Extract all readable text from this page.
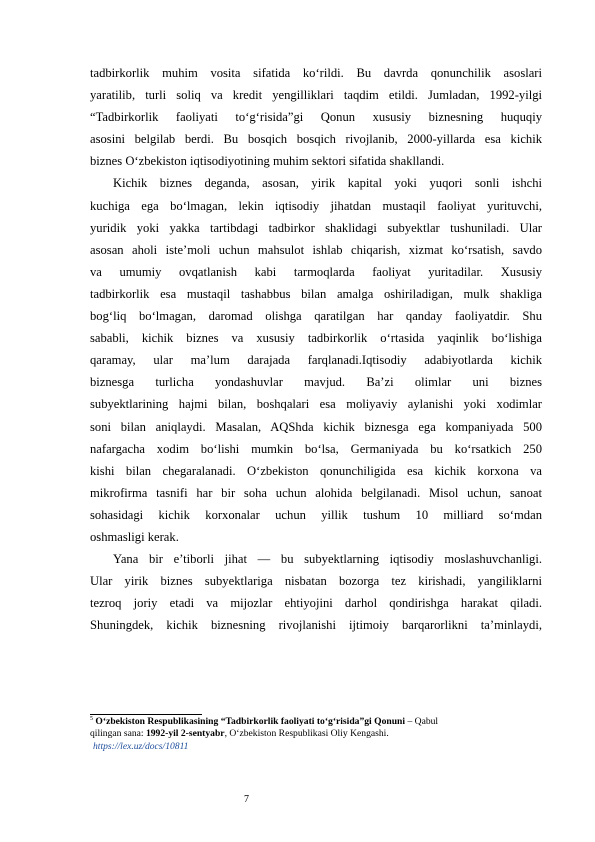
tadbirkorlik muhim vosita sifatida ko‘rildi. Bu davrda qonunchilik asoslari
yaratilib, turli soliq va kredit yengilliklari taqdim etildi. Jumladan, 1992-yilgi
“Tadbirkorlik faoliyati to‘g‘risida”gi Qonun xususiy biznesning huquqiy
asosini belgilab berdi. Bu bosqich bosqich rivojlanib, 2000-yillarda esa kichik
biznes O‘zbekiston iqtisodiyotining muhim sektori sifatida shakllandi.
Kichik biznes deganda, asosan, yirik kapital yoki yuqori sonli ishchi
kuchiga ega bo‘lmagan, lekin iqtisodiy jihatdan mustaqil faoliyat yurituvchi,
yuridik yoki yakka tartibdagi tadbirkor shaklidagi subyektlar tushuniladi. Ular
asosan aholi iste’moli uchun mahsulot ishlab chiqarish, xizmat ko‘rsatish, savdo
va umumiy ovqatlanish kabi tarmoqlarda faoliyat yuritadilar. Xususiy
tadbirkorlik esa mustaqil tashabbus bilan amalga oshiriladigan, mulk shakliga
bog‘liq bo‘lmagan, daromad olishga qaratilgan har qanday faoliyatdir. Shu
sababli, kichik biznes va xususiy tadbirkorlik o‘rtasida yaqinlik bo‘lishiga
qaramay, ular ma’lum darajada farqlanadi.Iqtisodiy adabiyotlarda kichik
biznesga turlicha yondashuvlar mavjud. Ba’zi olimlar uni biznes
subyektlarining hajmi bilan, boshqalari esa moliyaviy aylanishi yoki xodimlar
soni bilan aniqlaydi. Masalan, AQShda kichik biznesga ega kompaniyada 500
nafargacha xodim bo‘lishi mumkin bo‘lsa, Germaniyada bu ko‘rsatkich 250
kishi bilan chegaralanadi. O‘zbekiston qonunchiligida esa kichik korxona va
mikrofirma tasnifi har bir soha uchun alohida belgilanadi. Misol uchun, sanoat
sohasidagi kichik korxonalar uchun yillik tushum 10 milliard so‘mdan
oshmasligi kerak.
Yana bir e’tiborli jihat — bu subyektlarning iqtisodiy moslashuvchanligi.
Ular yirik biznes subyektlariga nisbatan bozorga tez kirishadi, yangiliklarni
tezroq joriy etadi va mijozlar ehtiyojini darhol qondirishga harakat qiladi.
Shuningdek, kichik biznesning rivojlanishi ijtimoiy barqarorlikni ta’minlaydi,
$^5$ O‘zbekiston Respublikasining “Tadbirkorlik faoliyati to‘g‘risida”gi Qonuni – Qabul
qilingan sana: 1992-yil 2-sentyabr, O‘zbekiston Respublikasi Oliy Kengashi.
https://lex.uz/docs/10811
7
